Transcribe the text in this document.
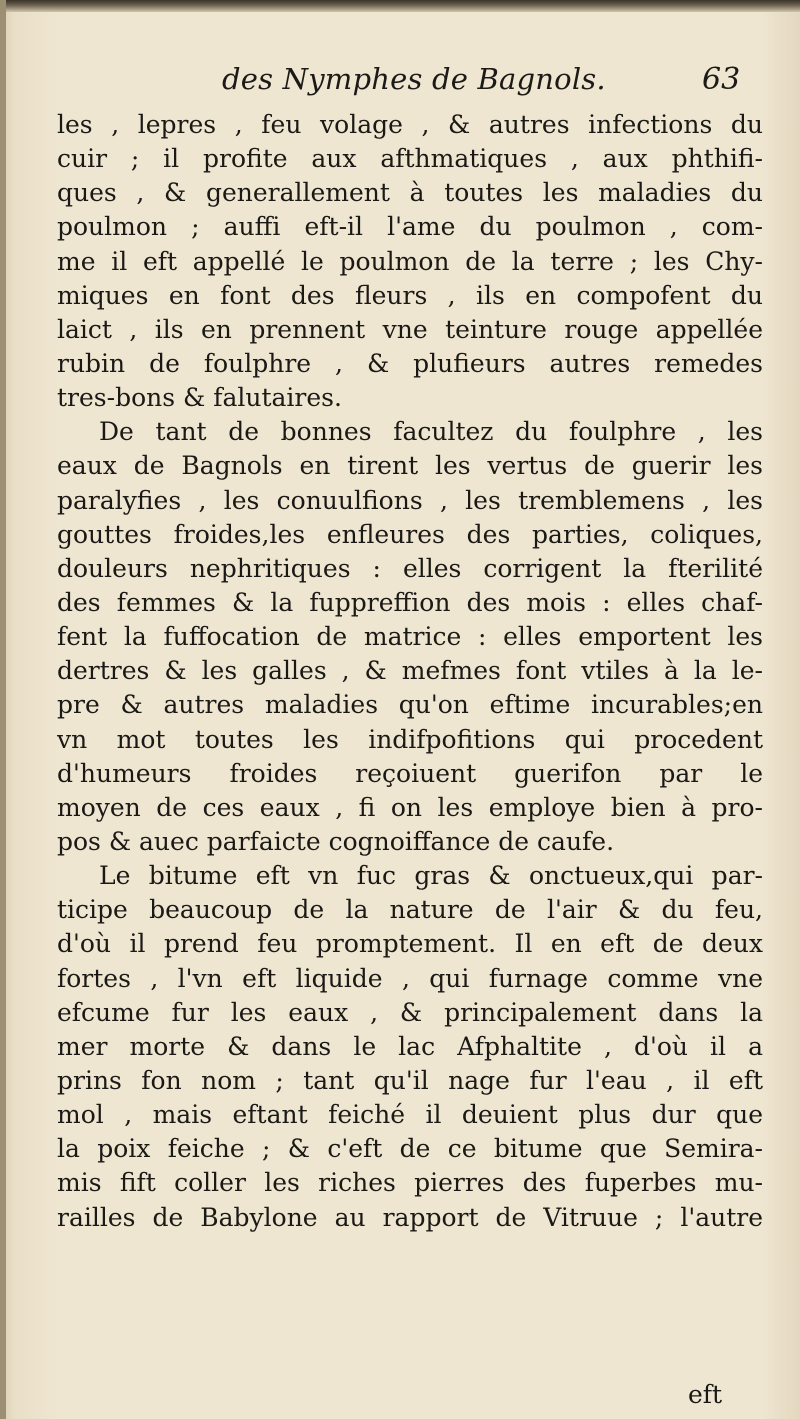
des Nymphes de Bagnols.	63
les , lepres , feu volage , & autres infections du
cuir ; il profite aux afthmatiques , aux phthifi-
ques , & generallement à toutes les maladies du
poulmon ; auffi eft-il l'ame du poulmon , com-
me il eft appellé le poulmon de la terre ; les Chy-
miques en font des fleurs , ils en compofent du
laict , ils en prennent vne teinture rouge appellée
rubin de foulphre , & plufieurs autres remedes
tres-bons & falutaires.
De tant de bonnes facultez du foulphre , les
eaux de Bagnols en tirent les vertus de guerir les
paralyfies , les conuulfions , les tremblemens , les
gouttes froides,les enfleures des parties, coliques,
douleurs nephritiques : elles corrigent la fterilité
des femmes & la fuppreffion des mois : elles chaf-
fent la fuffocation de matrice : elles emportent les
dertres & les galles , & mefmes font vtiles à la le-
pre & autres maladies qu'on eftime incurables;en
vn mot toutes les indifpofitions qui procedent
d'humeurs froides reçoiuent guerifon par le
moyen de ces eaux , fi on les employe bien à pro-
pos & auec parfaicte cognoiffance de caufe.
Le bitume eft vn fuc gras & onctueux,qui par-
ticipe beaucoup de la nature de l'air & du feu,
d'où il prend feu promptement. Il en eft de deux
fortes , l'vn eft liquide , qui furnage comme vne
efcume fur les eaux , & principalement dans la
mer morte & dans le lac Afphaltite , d'où il a
prins fon nom ; tant qu'il nage fur l'eau , il eft
mol , mais eftant feiché il deuient plus dur que
la poix feiche ; & c'eft de ce bitume que Semira-
mis fift coller les riches pierres des fuperbes mu-
railles de Babylone au rapport de Vitruue ; l'autre
eft
